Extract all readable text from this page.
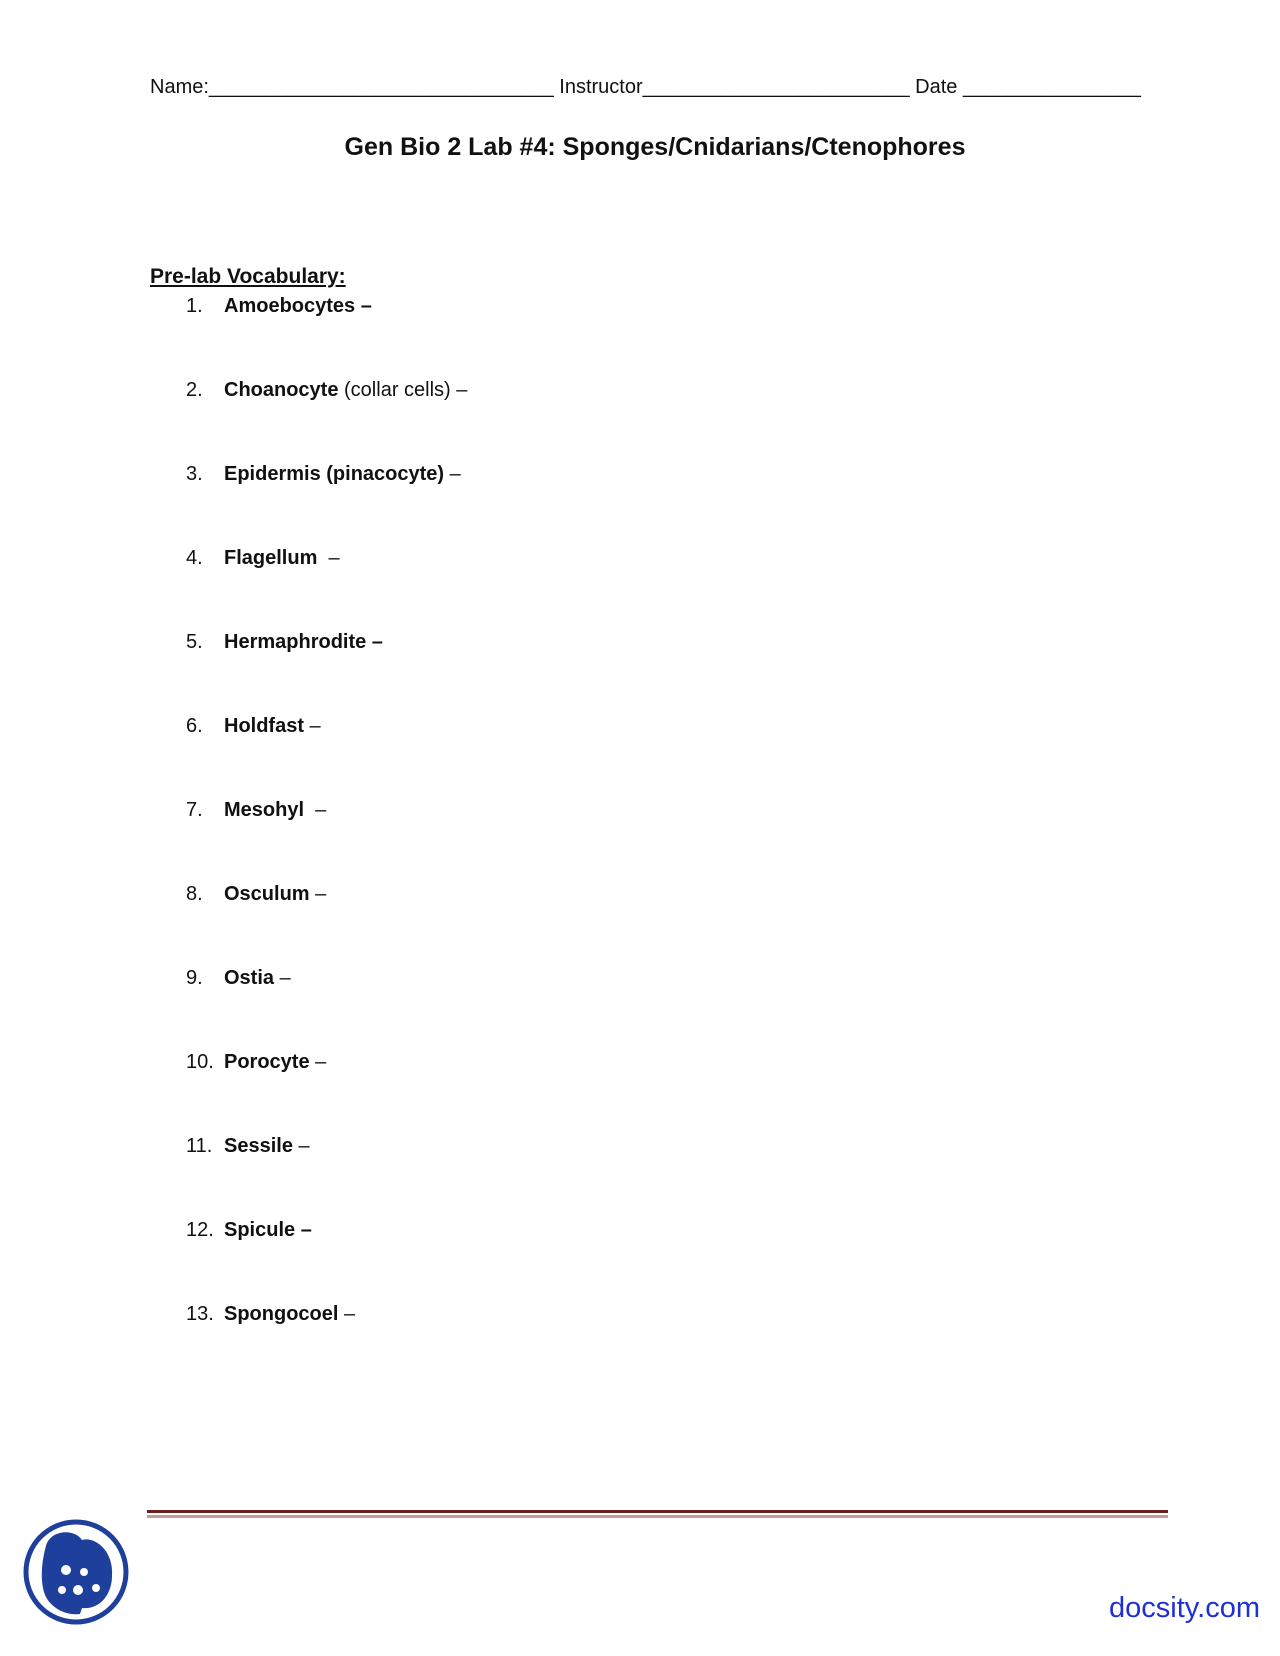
Name:_______________________________ Instructor________________________ Date ________________
Gen Bio 2 Lab #4: Sponges/Cnidarians/Ctenophores
Pre-lab Vocabulary:
1. Amoebocytes –
2. Choanocyte (collar cells) –
3. Epidermis (pinacocyte) –
4. Flagellum  –
5. Hermaphrodite –
6. Holdfast –
7. Mesohyl  –
8. Osculum –
9. Ostia –
10. Porocyte –
11. Sessile –
12. Spicule –
13. Spongocoel –
docsity.com
